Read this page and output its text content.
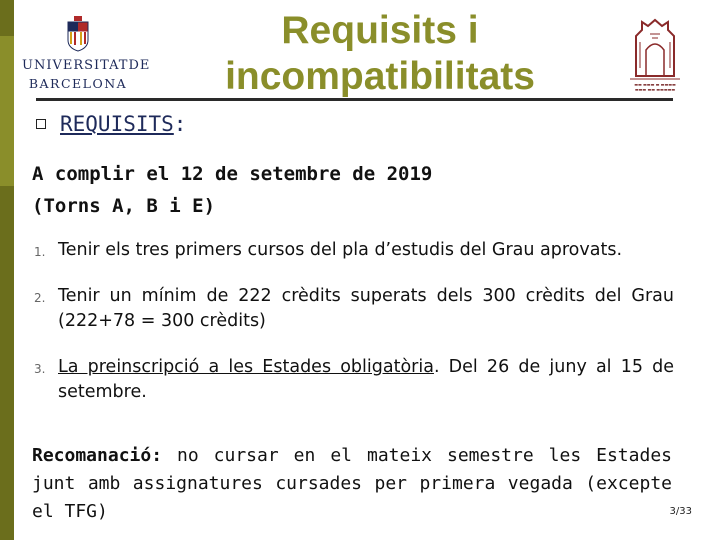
UNIVERSITATDE
BARCELONA	▬▬ ▬▬▬ ▬ ▬▬▬▬
▬▬▬ ▬▬ ▬▬▬▬▬
Requisits i
incompatibilitats
REQUISITS:
A complir el 12 de setembre de 2019
(Torns A, B i E)
1. Tenir els tres primers cursos del pla d’estudis del Grau aprovats.
2. Tenir un mínim de 222 crèdits superats dels 300 crèdits del Grau (222+78 = 300 crèdits)
3. La preinscripció a les Estades obligatòria. Del 26 de juny al 15 de setembre.
Recomanació: no cursar en el mateix semestre les Estades junt amb assignatures cursades per primera vegada (excepte el TFG)	3/33
